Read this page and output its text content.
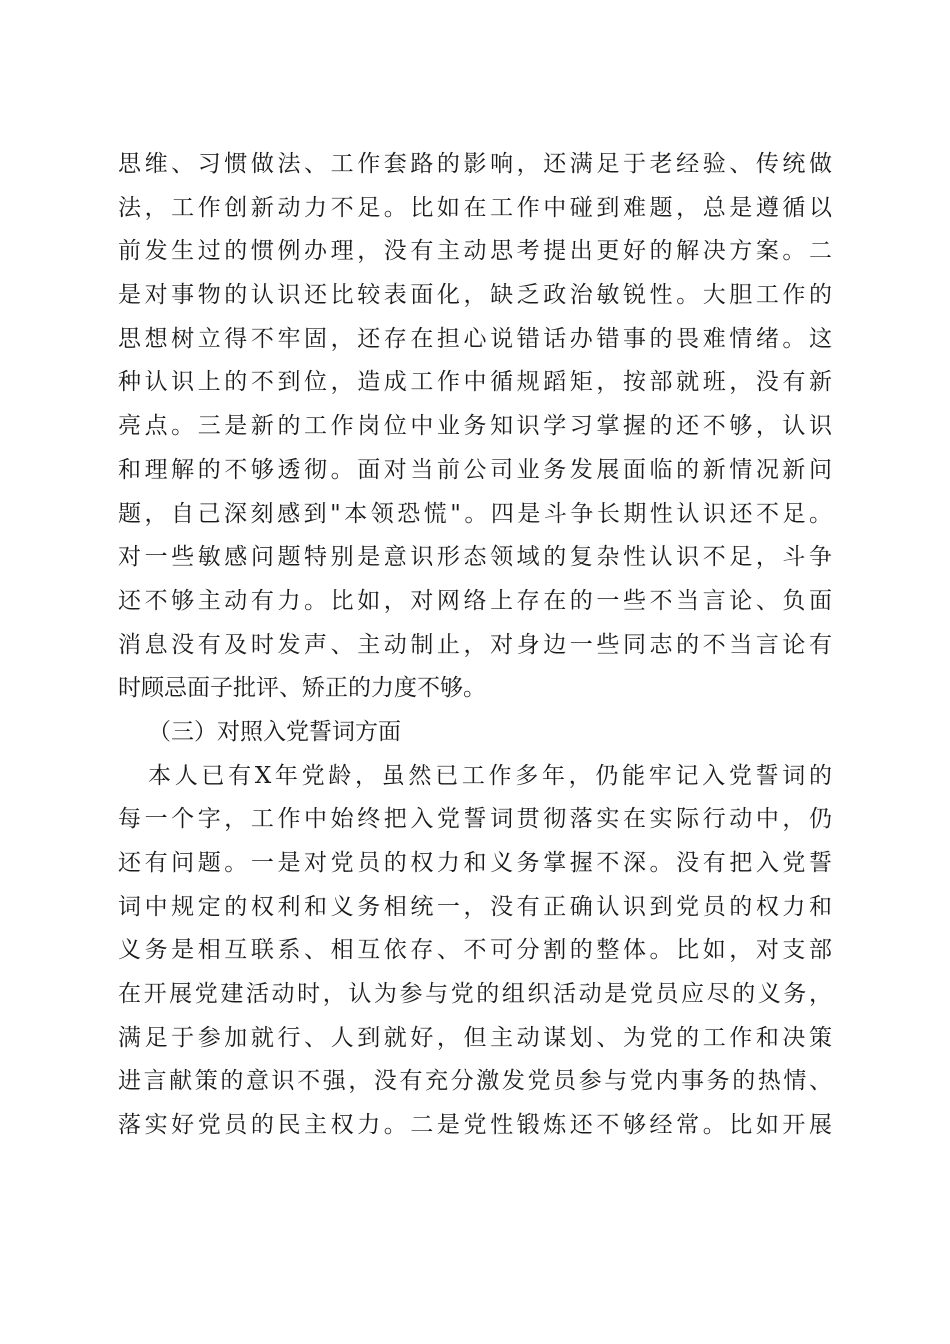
思维、习惯做法、工作套路的影响，还满足于老经验、传统做
法，工作创新动力不足。比如在工作中碰到难题，总是遵循以
前发生过的惯例办理，没有主动思考提出更好的解决方案。二
是对事物的认识还比较表面化，缺乏政治敏锐性。大胆工作的
思想树立得不牢固，还存在担心说错话办错事的畏难情绪。这
种认识上的不到位，造成工作中循规蹈矩，按部就班，没有新
亮点。三是新的工作岗位中业务知识学习掌握的还不够，认识
和理解的不够透彻。面对当前公司业务发展面临的新情况新问
题，自己深刻感到"本领恐慌"。四是斗争长期性认识还不足。
对一些敏感问题特别是意识形态领域的复杂性认识不足，斗争
还不够主动有力。比如，对网络上存在的一些不当言论、负面
消息没有及时发声、主动制止，对身边一些同志的不当言论有
时顾忌面子批评、矫正的力度不够。
（三）对照入党誓词方面
本人已有X年党龄，虽然已工作多年，仍能牢记入党誓词的
每一个字，工作中始终把入党誓词贯彻落实在实际行动中，仍
还有问题。一是对党员的权力和义务掌握不深。没有把入党誓
词中规定的权利和义务相统一，没有正确认识到党员的权力和
义务是相互联系、相互依存、不可分割的整体。比如，对支部
在开展党建活动时，认为参与党的组织活动是党员应尽的义务，
满足于参加就行、人到就好，但主动谋划、为党的工作和决策
进言献策的意识不强，没有充分激发党员参与党内事务的热情、
落实好党员的民主权力。二是党性锻炼还不够经常。比如开展
